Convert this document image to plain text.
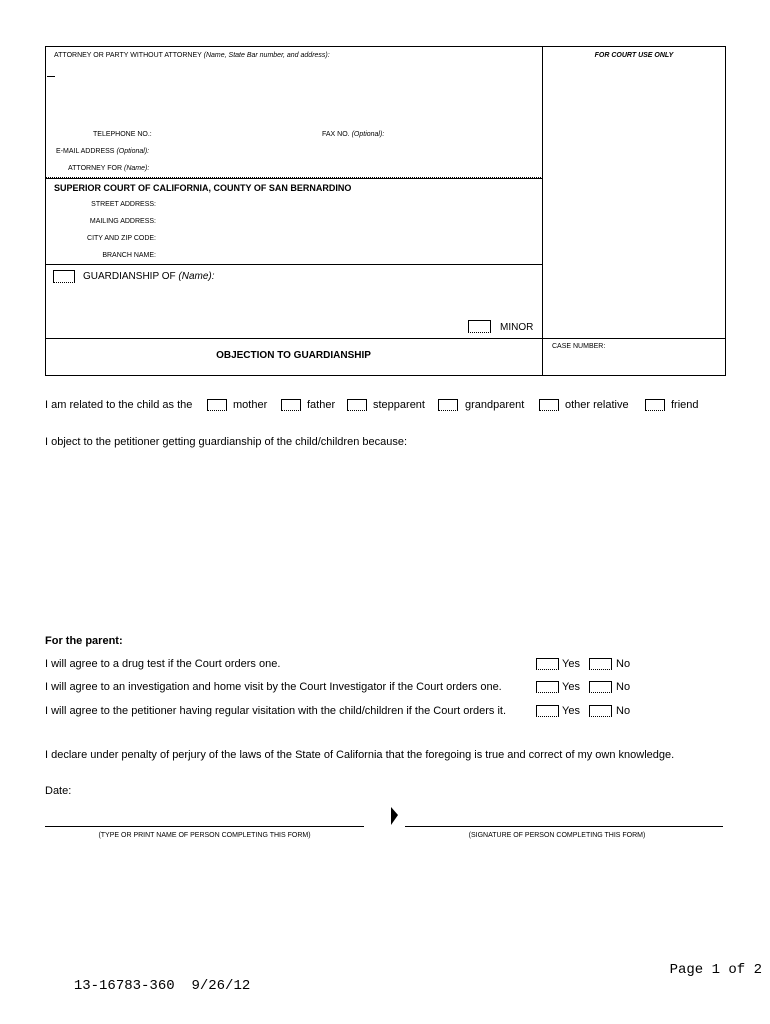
ATTORNEY OR PARTY WITHOUT ATTORNEY (Name, State Bar number, and address):	FOR COURT USE ONLY
TELEPHONE NO.:	FAX NO. (Optional):
E-MAIL ADDRESS (Optional):
ATTORNEY FOR (Name):
SUPERIOR COURT OF CALIFORNIA, COUNTY OF SAN BERNARDINO
STREET ADDRESS:
MAILING ADDRESS:
CITY AND ZIP CODE:
BRANCH NAME:
GUARDIANSHIP OF (Name):
MINOR
OBJECTION TO GUARDIANSHIP
CASE NUMBER:
I am related to the child as the	mother	father	stepparent	grandparent	other relative	friend
I object to the petitioner getting guardianship of the child/children because:
For the parent:
I will agree to a drug test if the Court orders one.	Yes	No
I will agree to an investigation and home visit by the Court Investigator if the Court orders one.	Yes	No
I will agree to the petitioner having regular visitation with the child/children if the Court orders it.	Yes	No
I declare under penalty of perjury of the laws of the State of California that the foregoing is true and correct of my own knowledge.
Date:
(TYPE OR PRINT NAME OF PERSON COMPLETING THIS FORM)	(SIGNATURE OF PERSON COMPLETING THIS FORM)

13-16783-360 9/26/12

Page 1 of 2
